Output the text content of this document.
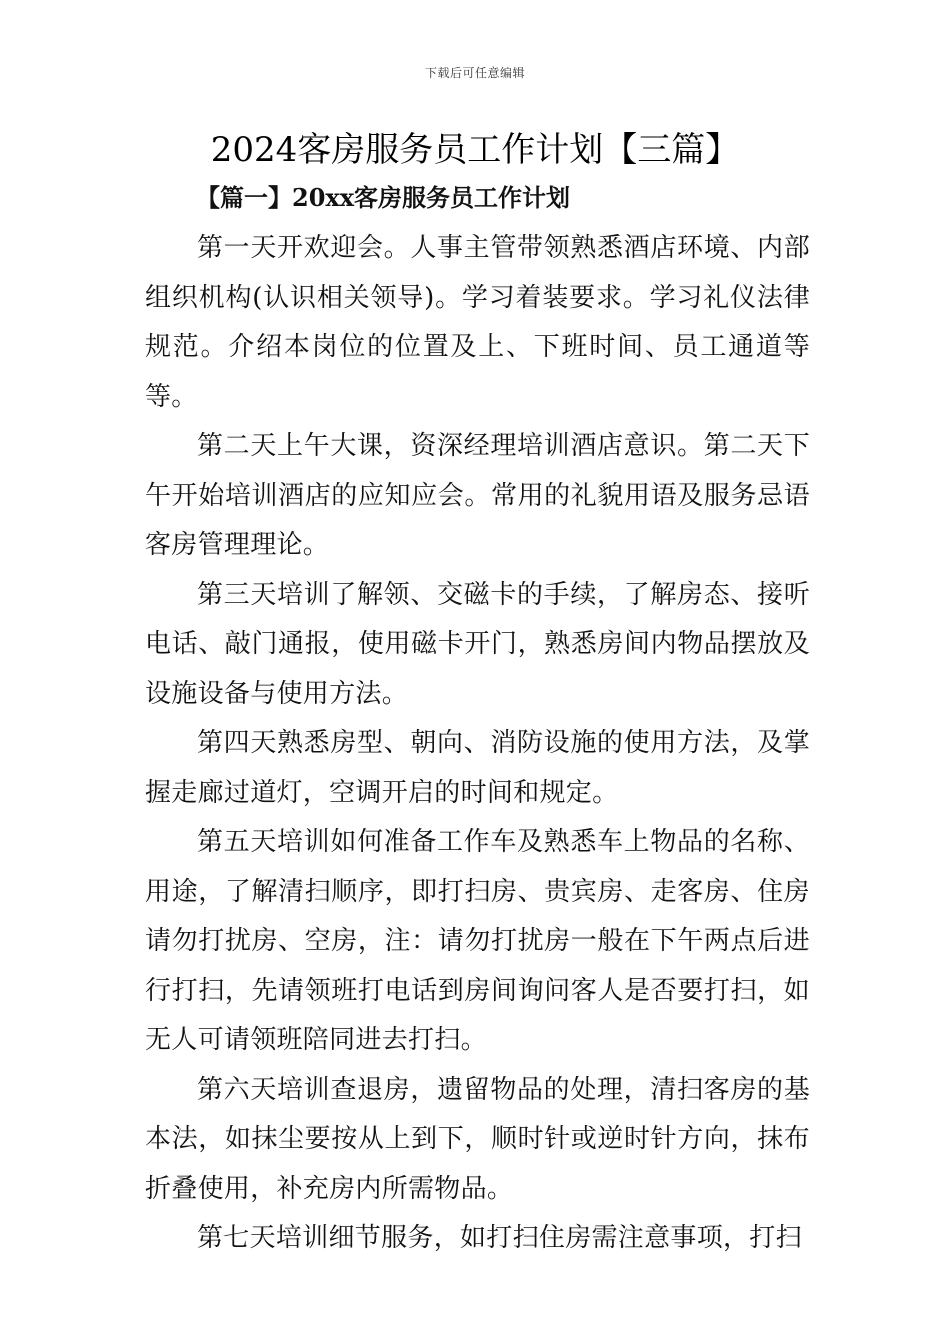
下载后可任意编辑
2024客房服务员工作计划【三篇】
【篇一】20xx客房服务员工作计划

第一天开欢迎会。人事主管带领熟悉酒店环境、内部组织机构(认识相关领导)。学习着装要求。学习礼仪法律规范。介绍本岗位的位置及上、下班时间、员工通道等等。

第二天上午大课，资深经理培训酒店意识。第二天下午开始培训酒店的应知应会。常用的礼貌用语及服务忌语客房管理理论。

第三天培训了解领、交磁卡的手续，了解房态、接听电话、敲门通报，使用磁卡开门，熟悉房间内物品摆放及设施设备与使用方法。

第四天熟悉房型、朝向、消防设施的使用方法，及掌握走廊过道灯，空调开启的时间和规定。

第五天培训如何准备工作车及熟悉车上物品的名称、用途，了解清扫顺序，即打扫房、贵宾房、走客房、住房请勿打扰房、空房，注：请勿打扰房一般在下午两点后进行打扫，先请领班打电话到房间询问客人是否要打扫，如无人可请领班陪同进去打扫。

第六天培训查退房，遗留物品的处理，清扫客房的基本法，如抹尘要按从上到下，顺时针或逆时针方向，抹布折叠使用，补充房内所需物品。

第七天培训细节服务，如打扫住房需注意事项，打扫
